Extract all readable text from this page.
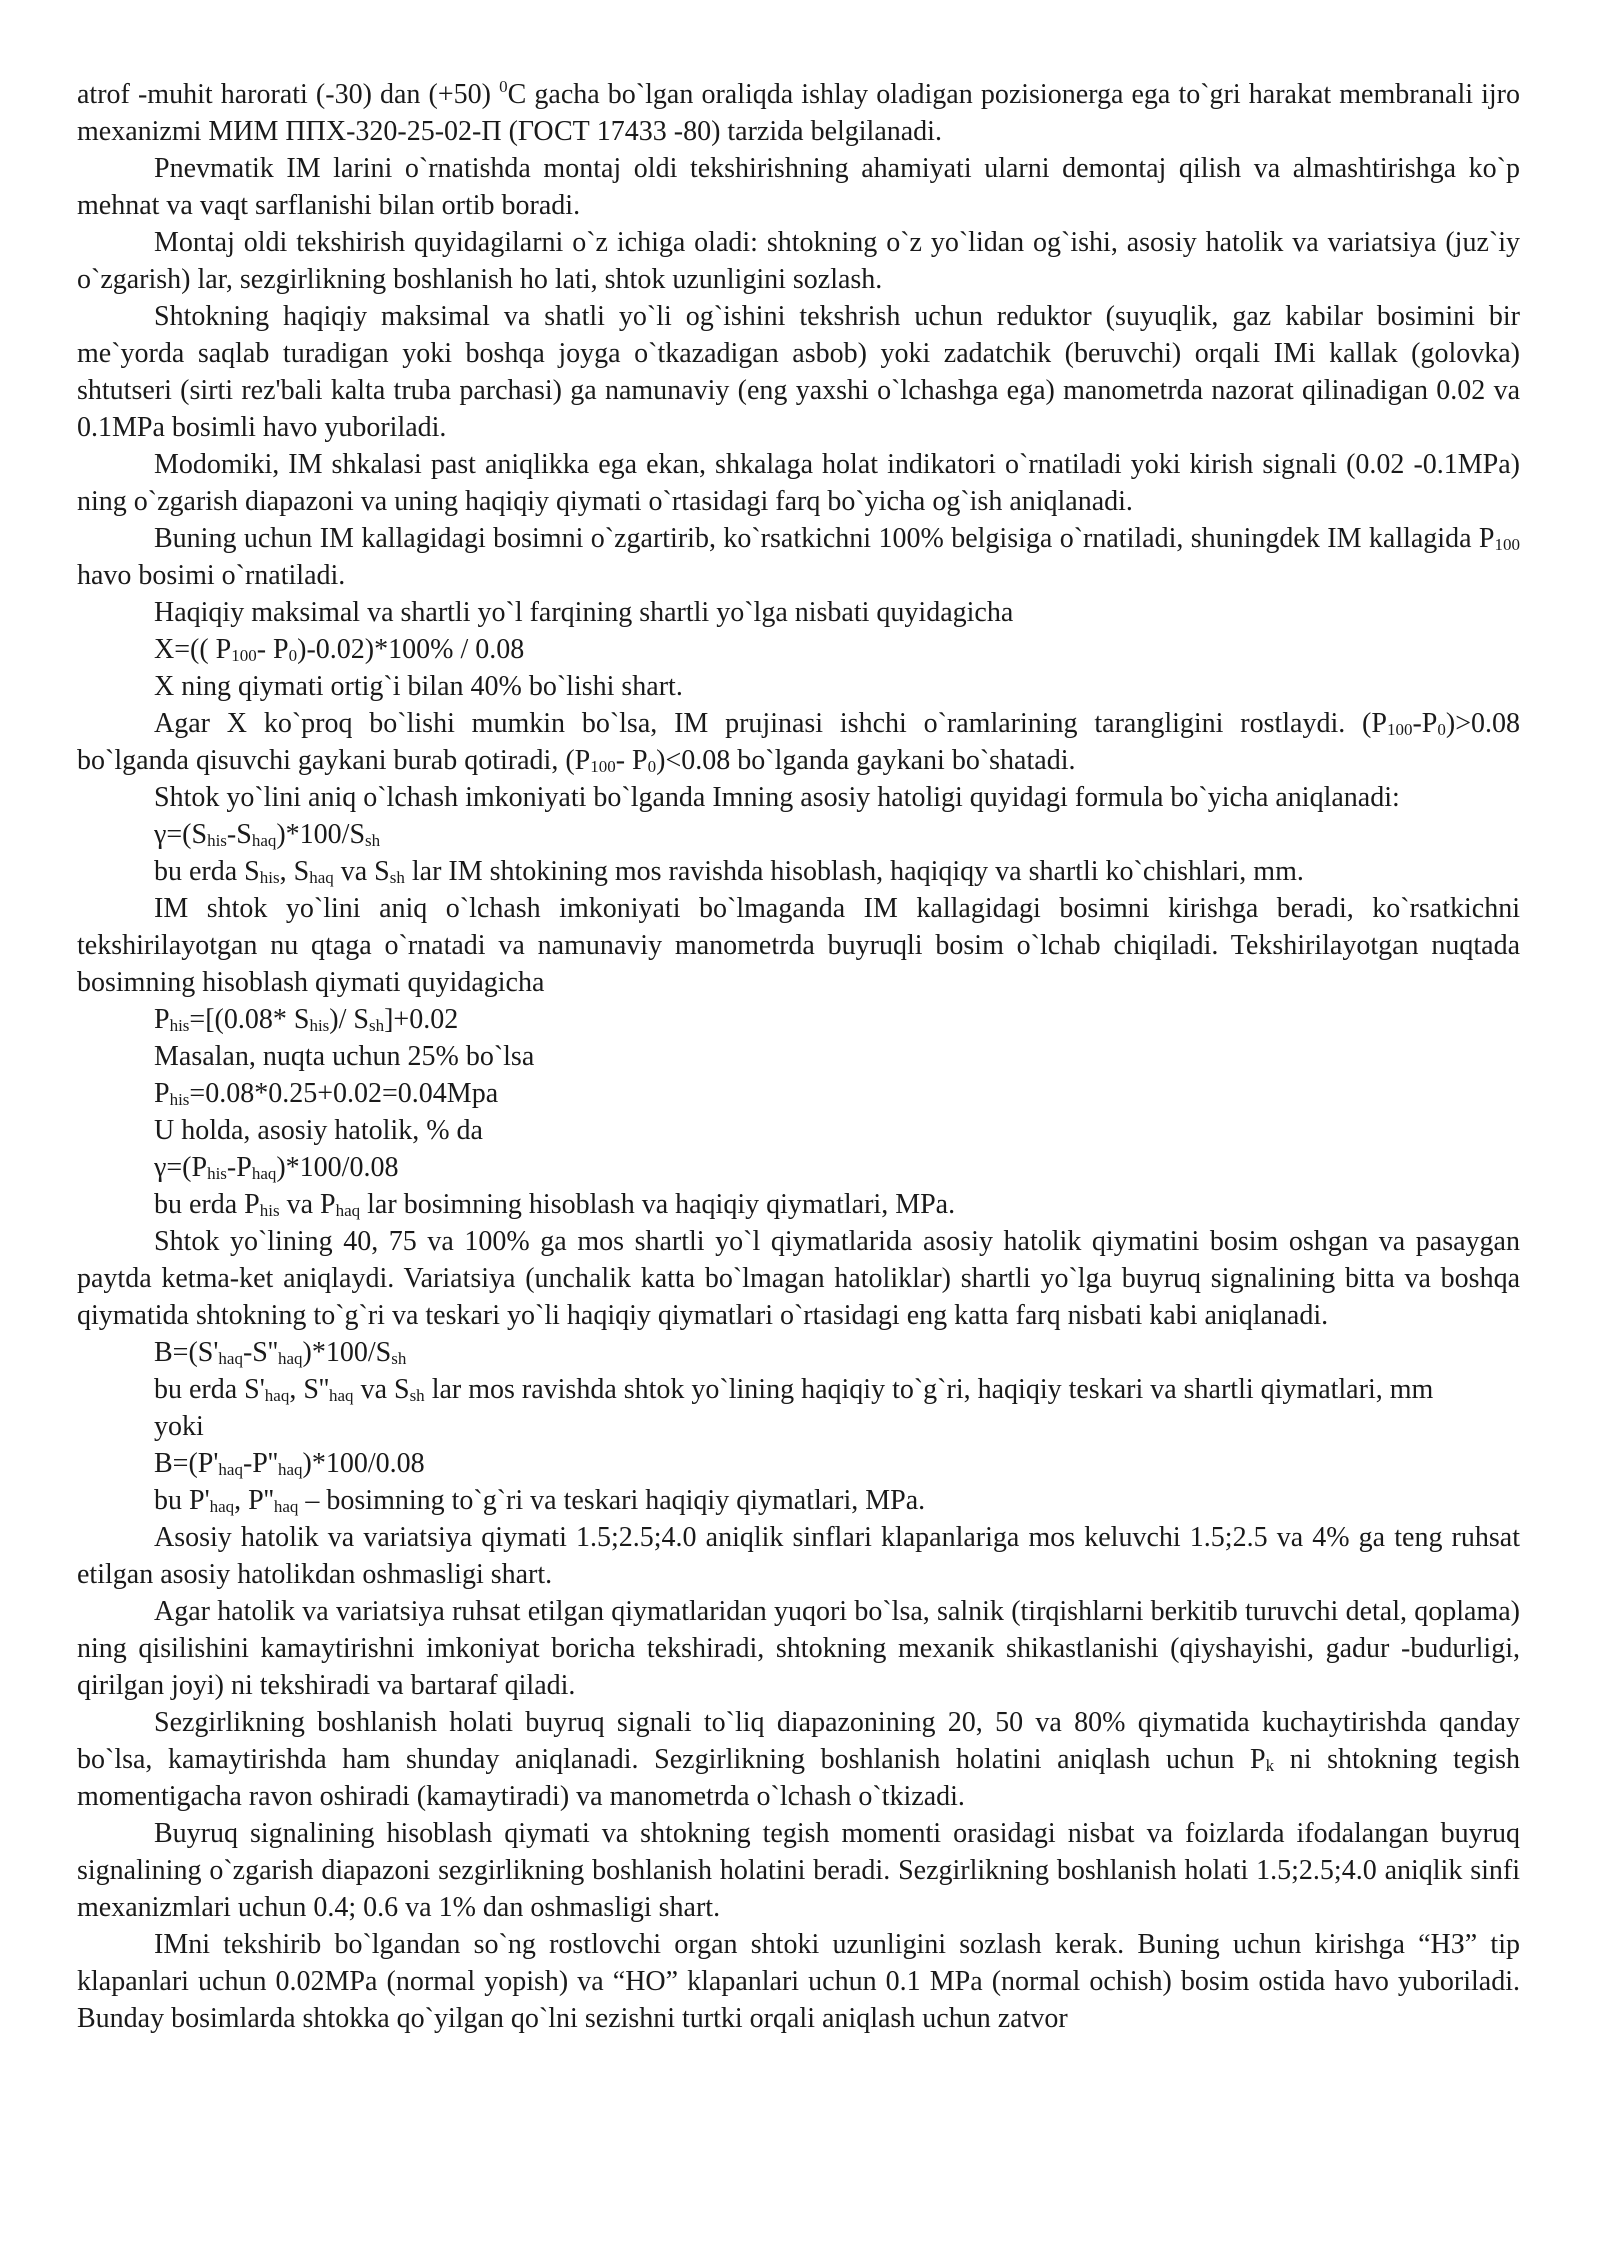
atrof -muhit harorati (-30) dan (+50) $^0$C gacha bo`lgan oraliqda ishlay oladigan pozisionerga ega to`gri harakat membranali ijro mexanizmi МИМ ППХ-320-25-02-П (ГОСТ 17433 -80) tarzida belgilanadi.

Pnevmatik IM larini o`rnatishda montaj oldi tekshirishning ahamiyati ularni demontaj qilish va almashtirishga ko`p mehnat va vaqt sarflanishi bilan ortib boradi.

Montaj oldi tekshirish quyidagilarni o`z ichiga oladi: shtokning o`z yo`lidan og`ishi, asosiy hatolik va variatsiya (juz`iy o`zgarish) lar, sezgirlikning boshlanish ho lati, shtok uzunligini sozlash.

Shtokning haqiqiy maksimal va shatli yo`li og`ishini tekshrish uchun reduktor (suyuqlik, gaz kabilar bosimini bir me`yorda saqlab turadigan yoki boshqa joyga o`tkazadigan asbob) yoki zadatchik (beruvchi) orqali IMi kallak (golovka) shtutseri (sirti rez'bali kalta truba parchasi) ga namunaviy (eng yaxshi o`lchashga ega) manometrda nazorat qilinadigan 0.02 va 0.1MPa bosimli havo yuboriladi.

Modomiki, IM shkalasi past aniqlikka ega ekan, shkalaga holat indikatori o`rnatiladi yoki kirish signali (0.02 -0.1MPa) ning o`zgarish diapazoni va uning haqiqiy qiymati o`rtasidagi farq bo`yicha og`ish aniqlanadi.

Buning uchun IM kallagidagi bosimni o`zgartirib, ko`rsatkichni 100% belgisiga o`rnatiladi, shuningdek IM kallagida $P_{100}$ havo bosimi o`rnatiladi.

Haqiqiy maksimal va shartli yo`l farqining shartli yo`lga nisbati quyidagicha

X=(( $P_{100}-$ $P_0)-0.02)*100\% / 0.08$

X ning qiymati ortig`i bilan 40% bo`lishi shart.

Agar X ko`proq bo`lishi mumkin bo`lsa, IM prujinasi ishchi o`ramlarining tarangligini rostlaydi. $(P_{100}-P_0)>0.08$ bo`lganda qisuvchi gaykani burab qotiradi, ($P_{100}-$ $P_0)<0.08$ bo`lganda gaykani bo`shatadi.

Shtok yo`lini aniq o`lchash imkoniyati bo`lganda Imning asosiy hatoligi quyidagi formula bo`yicha aniqlanadi:

$\gamma=(S_{his}-S_{haq})*100/S_{sh}$

bu erda $S_{his}$, $S_{haq}$ va $S_{sh}$ lar IM shtokining mos ravishda hisoblash, haqiqiqy va shartli ko`chishlari, mm.

IM shtok yo`lini aniq o`lchash imkoniyati bo`lmaganda IM kallagidagi bosimni kirishga beradi, ko`rsatkichni tekshirilayotgan nu qtaga o`rnatadi va namunaviy manometrda buyruqli bosim o`lchab chiqiladi. Tekshirilayotgan nuqtada bosimning hisoblash qiymati quyidagicha

$P_{his}=[(0.08*$ $S_{his})/$ $S_{sh}]+0.02$

Masalan, nuqta uchun 25% bo`lsa

$P_{his}=0.08*0.25+0.02=0.04Mpa$

U holda, asosiy hatolik, % da

$\gamma=(P_{his}-P_{haq})*100/0.08$

bu erda $P_{his}$ va $P_{haq}$ lar bosimning hisoblash va haqiqiy qiymatlari, MPa.

Shtok yo`lining 40, 75 va 100% ga mos shartli yo`l qiymatlarida asosiy hatolik qiymatini bosim oshgan va pasaygan paytda ketma-ket aniqlaydi. Variatsiya (unchalik katta bo`lmagan hatoliklar) shartli yo`lga buyruq signalining bitta va boshqa qiymatida shtokning to`g`ri va teskari yo`li haqiqiy qiymatlari o`rtasidagi eng katta farq nisbati kabi aniqlanadi.

$B=(S'_{haq}-S''_{haq})*100/S_{sh}$

bu erda $S'_{haq}$, $S''_{haq}$ va $S_{sh}$ lar mos ravishda shtok yo`lining haqiqiy to`g`ri, haqiqiy teskari va shartli qiymatlari, mm

yoki

$B=(P'_{haq}-P''_{haq})*100/0.08$

bu $P'_{haq}$, $P''_{haq}$ – bosimning to`g`ri va teskari haqiqiy qiymatlari, MPa.

Asosiy hatolik va variatsiya qiymati 1.5;2.5;4.0 aniqlik sinflari klapanlariga mos keluvchi 1.5;2.5 va 4% ga teng ruhsat etilgan asosiy hatolikdan oshmasligi shart.

Agar hatolik va variatsiya ruhsat etilgan qiymatlaridan yuqori bo`lsa, salnik (tirqishlarni berkitib turuvchi detal, qoplama) ning qisilishini kamaytirishni imkoniyat boricha tekshiradi, shtokning mexanik shikastlanishi (qiyshayishi, gadur -budurligi, qirilgan joyi) ni tekshiradi va bartaraf qiladi.

Sezgirlikning boshlanish holati buyruq signali to`liq diapazonining 20, 50 va 80% qiymatida kuchaytirishda qanday bo`lsa, kamaytirishda ham shunday aniqlanadi. Sezgirlikning boshlanish holatini aniqlash uchun $P_k$ ni shtokning tegish momentigacha ravon oshiradi (kamaytiradi) va manometrda o`lchash o`tkizadi.

Buyruq signalining hisoblash qiymati va shtokning tegish momenti orasidagi nisbat va foizlarda ifodalangan buyruq signalining o`zgarish diapazoni sezgirlikning boshlanish holatini beradi. Sezgirlikning boshlanish holati 1.5;2.5;4.0 aniqlik sinfi mexanizmlari uchun 0.4; 0.6 va 1% dan oshmasligi shart.

IMni tekshirib bo`lgandan so`ng rostlovchi organ shtoki uzunligini sozlash kerak. Buning uchun kirishga “НЗ” tip klapanlari uchun 0.02MPa (normal yopish) va “НО” klapanlari uchun 0.1 MPa (normal ochish) bosim ostida havo yuboriladi. Bunday bosimlarda shtokka qo`yilgan qo`lni sezishni turtki orqali aniqlash uchun zatvor
